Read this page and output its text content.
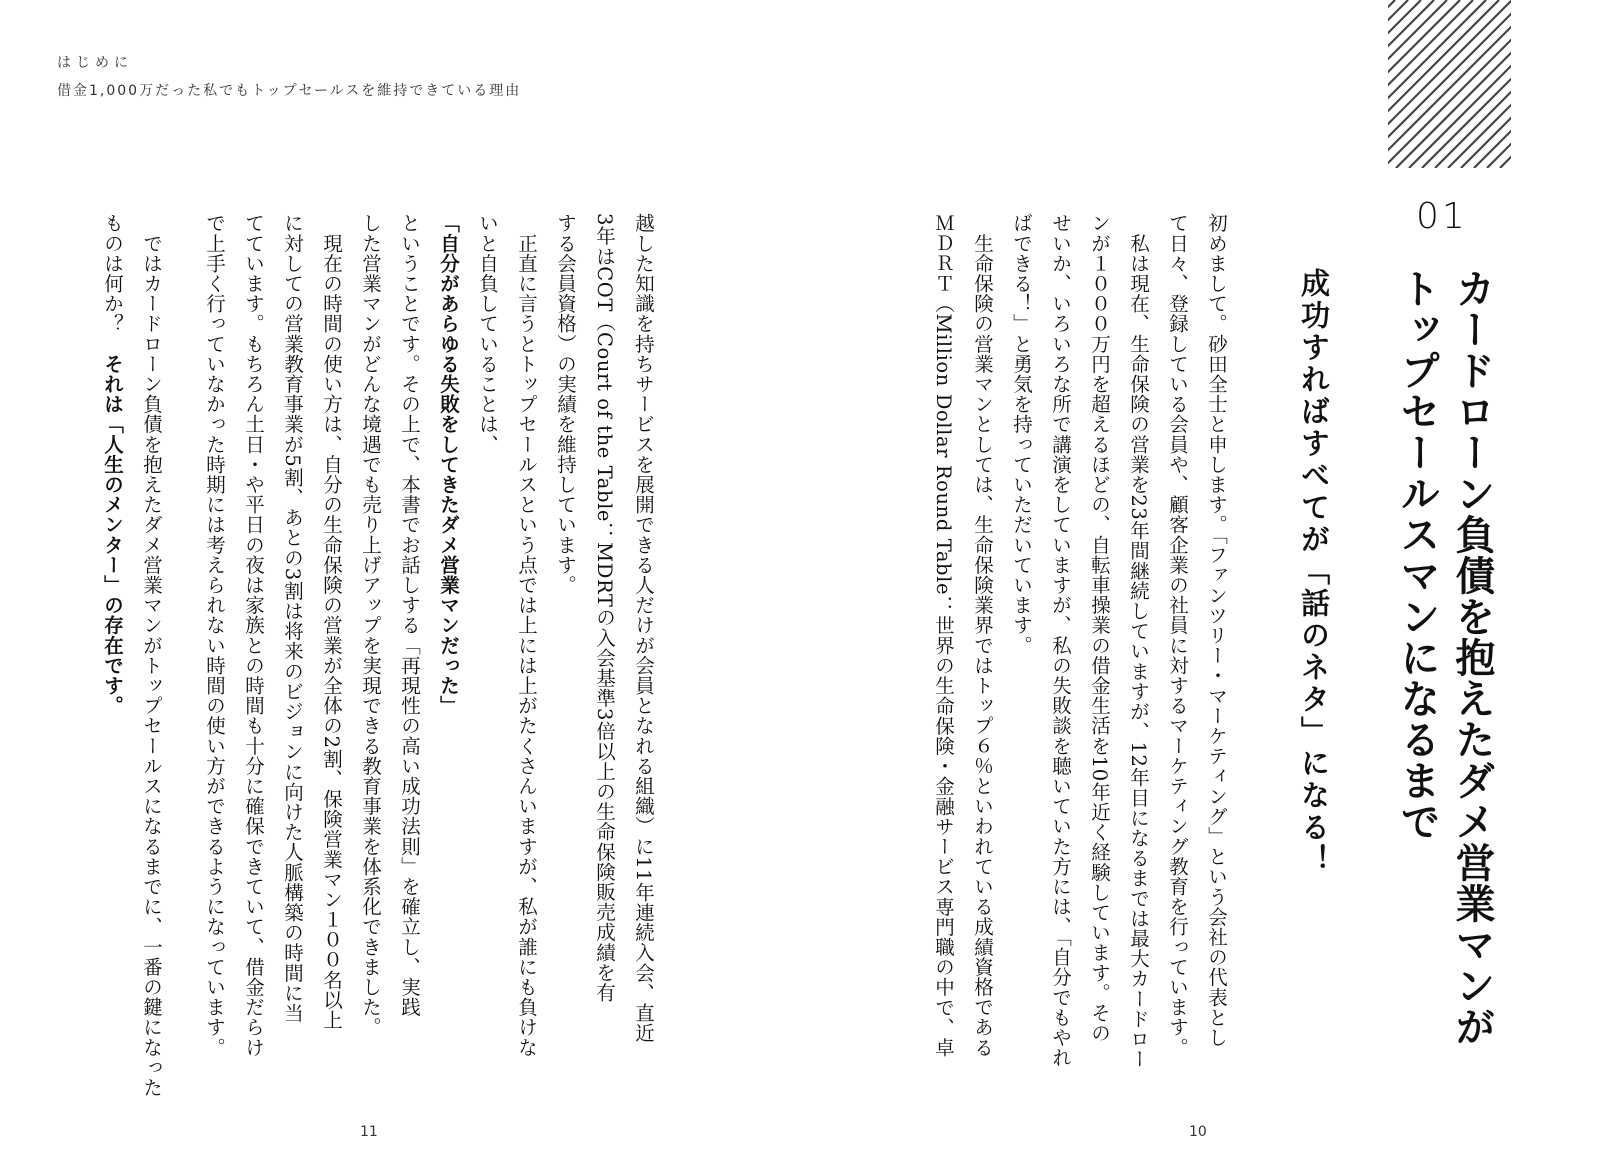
はじめに
借金1,000万だった私でもトップセールスを維持できている理由
01
カードローン負債を抱えたダメ営業マンが
トップセールスマンになるまで
成功すればすべてが「話のネタ」になる！
初めまして。砂田全士と申します。「ファンツリー・マーケティング」という会社の代表とし
て日々、登録している会員や、顧客企業の社員に対するマーケティング教育を行っています。
　私は現在、生命保険の営業を23年間継続していますが、12年目になるまでは最大カードロー
ンが１０００万円を超えるほどの、自転車操業の借金生活を10年近く経験しています。その
せいか、いろいろな所で講演をしていますが、私の失敗談を聴いていた方には、「自分でもやれ
ばできる！」と勇気を持っていただいています。
　生命保険の営業マンとしては、生命保険業界ではトップ６％といわれている成績資格である
ＭＤＲＴ（Million Dollar Round Table：世界の生命保険・金融サービス専門職の中で、卓
越した知識を持ちサービスを展開できる人だけが会員となれる組織）に11年連続入会、直近
3年はCOT（Court of the Table：MDRTの入会基準3倍以上の生命保険販売成績を有
する会員資格）の実績を維持しています。
　正直に言うとトップセールスという点では上には上がたくさんいますが、私が誰にも負けな
いと自負していることは、
「自分があらゆる失敗をしてきたダメ営業マンだった」
ということです。その上で、本書でお話しする「再現性の高い成功法則」を確立し、実践
した営業マンがどんな境遇でも売り上げアップを実現できる教育事業を体系化できました。
　現在の時間の使い方は、自分の生命保険の営業が全体の2割、保険営業マン１００名以上
に対しての営業教育事業が5割、あとの3割は将来のビジョンに向けた人脈構築の時間に当
てています。もちろん土日・や平日の夜は家族との時間も十分に確保できていて、借金だらけ
で上手く行っていなかった時期には考えられない時間の使い方ができるようになっています。
　ではカードローン負債を抱えたダメ営業マンがトップセールスになるまでに、一番の鍵になった
ものは何か？　それは「人生のメンター」の存在です。
10
11
